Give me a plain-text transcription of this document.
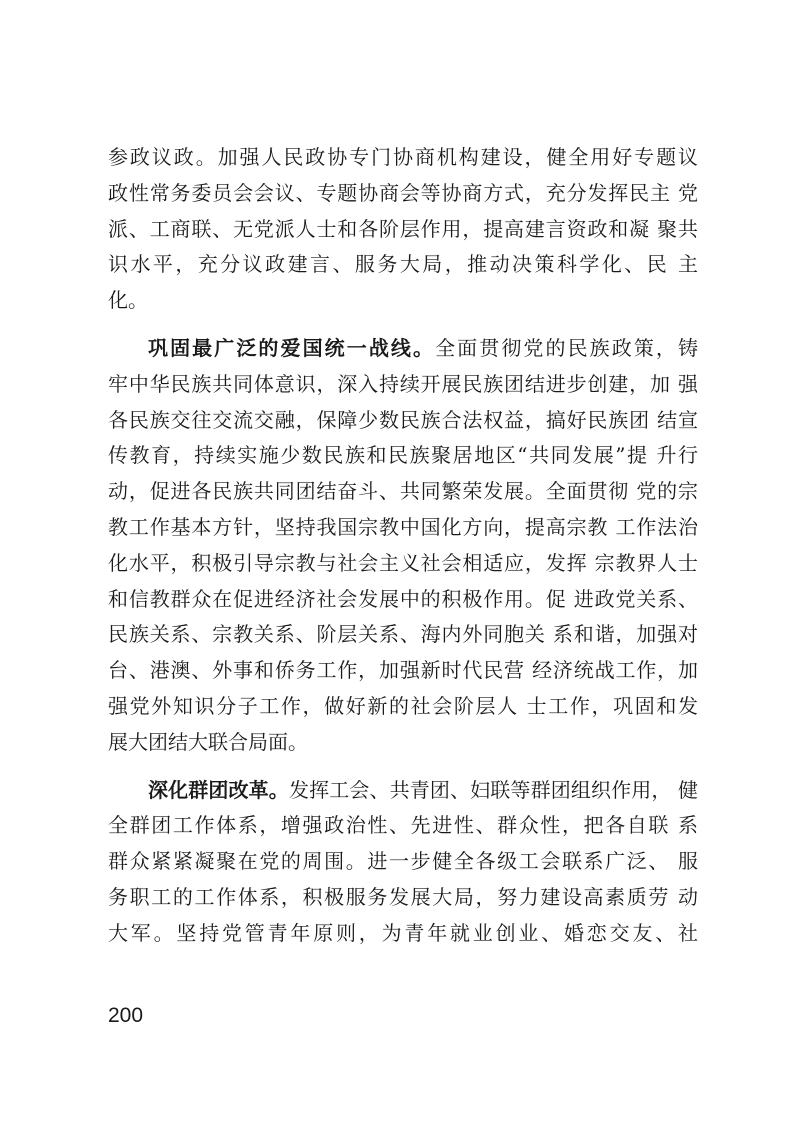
参政议政。加强人民政协专门协商机构建设，健全用好专题议
政性常务委员会会议、专题协商会等协商方式，充分发挥民主 党
派、工商联、无党派人士和各阶层作用，提高建言资政和凝 聚共
识水平，充分议政建言、服务大局，推动决策科学化、民 主
化。
巩固最广泛的爱国统一战线。全面贯彻党的民族政策，铸
牢中华民族共同体意识，深入持续开展民族团结进步创建，加 强
各民族交往交流交融，保障少数民族合法权益，搞好民族团 结宣
传教育，持续实施少数民族和民族聚居地区“共同发展”提 升行
动，促进各民族共同团结奋斗、共同繁荣发展。全面贯彻 党的宗
教工作基本方针，坚持我国宗教中国化方向，提高宗教 工作法治
化水平，积极引导宗教与社会主义社会相适应，发挥 宗教界人士
和信教群众在促进经济社会发展中的积极作用。促 进政党关系、
民族关系、宗教关系、阶层关系、海内外同胞关 系和谐，加强对
台、港澳、外事和侨务工作，加强新时代民营 经济统战工作，加
强党外知识分子工作，做好新的社会阶层人 士工作，巩固和发
展大团结大联合局面。
深化群团改革。发挥工会、共青团、妇联等群团组织作用， 健
全群团工作体系，增强政治性、先进性、群众性，把各自联 系
群众紧紧凝聚在党的周围。进一步健全各级工会联系广泛、 服
务职工的工作体系，积极服务发展大局，努力建设高素质劳 动
大军。坚持党管青年原则，为青年就业创业、婚恋交友、社
200
